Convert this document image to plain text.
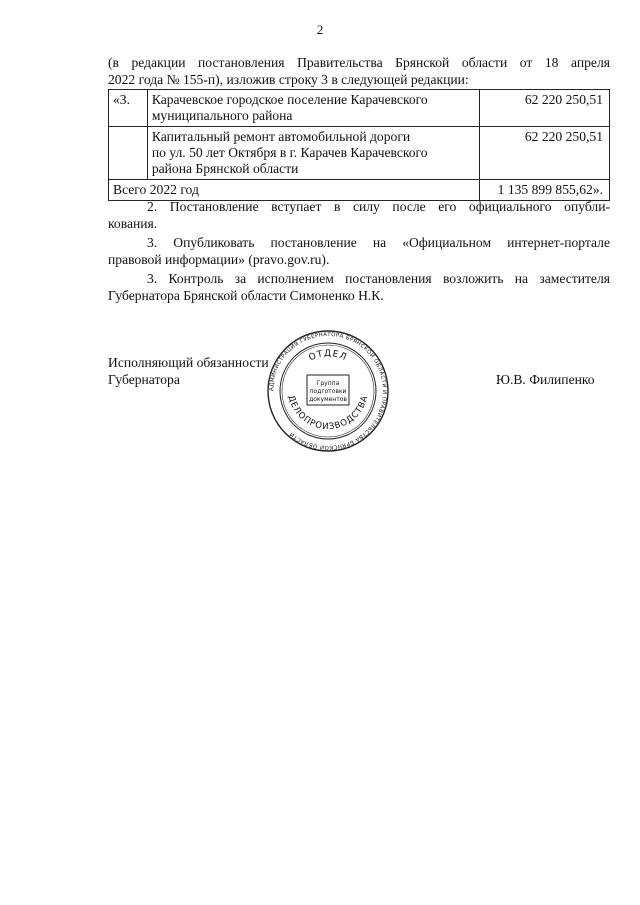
2
(в редакции постановления Правительства Брянской области от 18 апреля
2022 года № 155-п), изложив строку 3 в следующей редакции:
«3.	Карачевское городское поселение Карачевского
муниципального района	62 220 250,51

	Капитальный ремонт автомобильной дороги
по ул. 50 лет Октября в г. Карачев Карачевского
района Брянской области	62 220 250,51
Всего 2022 год		1 135 899 855,62».
2. Постановление вступает в силу после его официального опубли-
кования.
3. Опубликовать постановление на «Официальном интернет-портале
правовой информации» (pravo.gov.ru).
3. Контроль за исполнением постановления возложить на заместителя
Губернатора Брянской области Симоненко Н.К.
Исполняющий обязанности
Губернатора	Ю.В. Филипенко
АДМИНИСТРАЦИЯ ГУБЕРНАТОРА БРЯНСКОЙ ОБЛАСТИ И ПРАВИТЕЛЬСТВА БРЯНСКОЙ ОБЛАСТИ
ОТДЕЛ
ДЕЛОПРОИЗВОДСТВА
Группа
подготовки
документов
